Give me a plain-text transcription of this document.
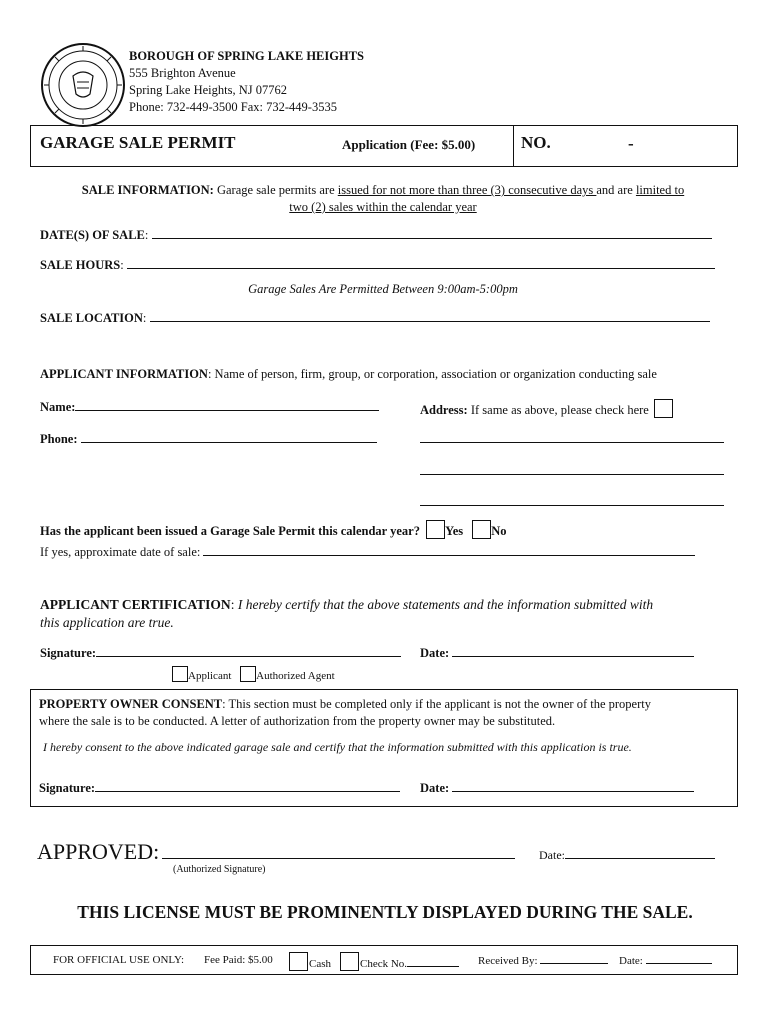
BOROUGH OF SPRING LAKE HEIGHTS
555 Brighton Avenue
Spring Lake Heights, NJ 07762
Phone: 732-449-3500 Fax: 732-449-3535
GARAGE SALE PERMIT	Application (Fee: $5.00)	NO.	-
SALE INFORMATION: Garage sale permits are issued for not more than three (3) consecutive days and are limited to
two (2) sales within the calendar year
DATE(S) OF SALE:
SALE HOURS:
Garage Sales Are Permitted Between 9:00am-5:00pm
SALE LOCATION:
APPLICANT INFORMATION: Name of person, firm, group, or corporation, association or organization conducting sale
Name:	Address: If same as above, please check here
Phone:
Has the applicant been issued a Garage Sale Permit this calendar year? Yes No
If yes, approximate date of sale:
APPLICANT CERTIFICATION: I hereby certify that the above statements and the information submitted with
this application are true.
Signature:	Date:
Applicant Authorized Agent
PROPERTY OWNER CONSENT: This section must be completed only if the applicant is not the owner of the property
where the sale is to be conducted. A letter of authorization from the property owner may be substituted.
I hereby consent to the above indicated garage sale and certify that the information submitted with this application is true.
Signature:	Date:
APPROVED:
(Authorized Signature)
Date:
THIS LICENSE MUST BE PROMINENTLY DISPLAYED DURING THE SALE.
FOR OFFICIAL USE ONLY: Fee Paid: $5.00	Cash	Check No.	Received By:	Date:
